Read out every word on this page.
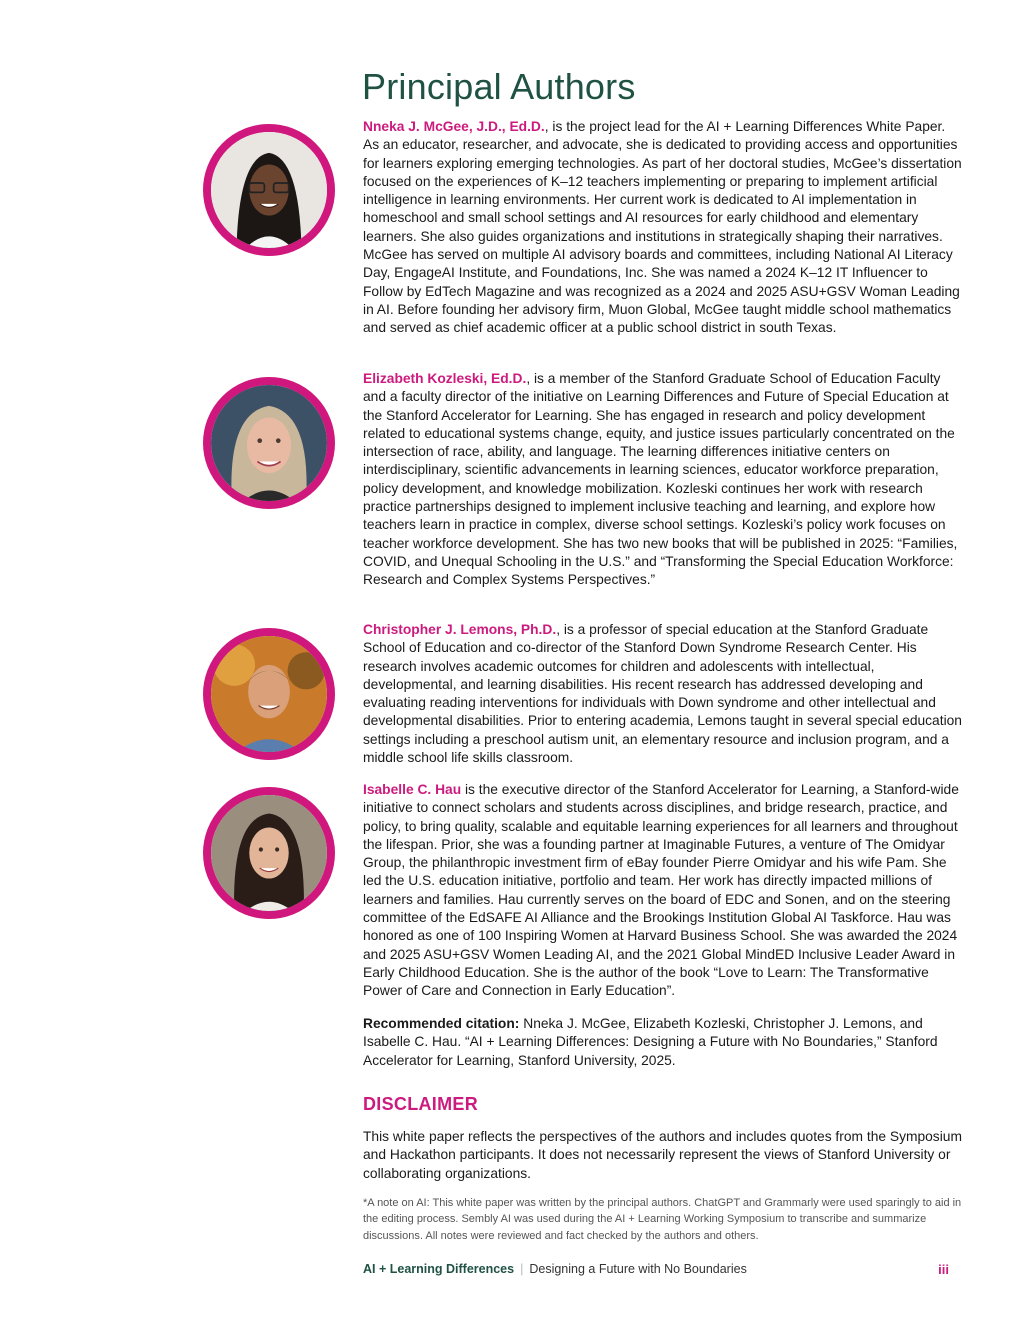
Principal Authors

Nneka J. McGee, J.D., Ed.D., is the project lead for the AI + Learning Differences White Paper. As an educator, researcher, and advocate, she is dedicated to providing access and opportunities for learners exploring emerging technologies. As part of her doctoral studies, McGee’s dissertation focused on the experiences of K–12 teachers implementing or preparing to implement artificial intelligence in learning environments. Her current work is dedicated to AI implementation in homeschool and small school settings and AI resources for early childhood and elementary learners. She also guides organizations and institutions in strategically shaping their narratives. McGee has served on multiple AI advisory boards and committees, including National AI Literacy Day, EngageAI Institute, and Foundations, Inc. She was named a 2024 K–12 IT Influencer to Follow by EdTech Magazine and was recognized as a 2024 and 2025 ASU+GSV Woman Leading in AI. Before founding her advisory firm, Muon Global, McGee taught middle school mathematics and served as chief academic officer at a public school district in south Texas.

Elizabeth Kozleski, Ed.D., is a member of the Stanford Graduate School of Education Faculty and a faculty director of the initiative on Learning Differences and Future of Special Education at the Stanford Accelerator for Learning. She has engaged in research and policy development related to educational systems change, equity, and justice issues particularly concentrated on the intersection of race, ability, and language. The learning differences initiative centers on interdisciplinary, scientific advancements in learning sciences, educator workforce preparation, policy development, and knowledge mobilization. Kozleski continues her work with research practice partnerships designed to implement inclusive teaching and learning, and explore how teachers learn in practice in complex, diverse school settings. Kozleski’s policy work focuses on teacher workforce development. She has two new books that will be published in 2025: “Families, COVID, and Unequal Schooling in the U.S.” and “Transforming the Special Education Workforce: Research and Complex Systems Perspectives.”

Christopher J. Lemons, Ph.D., is a professor of special education at the Stanford Graduate School of Education and co-director of the Stanford Down Syndrome Research Center. His research involves academic outcomes for children and adolescents with intellectual, developmental, and learning disabilities. His recent research has addressed developing and evaluating reading interventions for individuals with Down syndrome and other intellectual and developmental disabilities. Prior to entering academia, Lemons taught in several special education settings including a preschool autism unit, an elementary resource and inclusion program, and a middle school life skills classroom.

Isabelle C. Hau is the executive director of the Stanford Accelerator for Learning, a Stanford-wide initiative to connect scholars and students across disciplines, and bridge research, practice, and policy, to bring quality, scalable and equitable learning experiences for all learners and throughout the lifespan. Prior, she was a founding partner at Imaginable Futures, a venture of The Omidyar Group, the philanthropic investment firm of eBay founder Pierre Omidyar and his wife Pam. She led the U.S. education initiative, portfolio and team. Her work has directly impacted millions of learners and families. Hau currently serves on the board of EDC and Sonen, and on the steering committee of the EdSAFE AI Alliance and the Brookings Institution Global AI Taskforce. Hau was honored as one of 100 Inspiring Women at Harvard Business School. She was awarded the 2024 and 2025 ASU+GSV Women Leading AI, and the 2021 Global MindED Inclusive Leader Award in Early Childhood Education. She is the author of the book “Love to Learn: The Transformative Power of Care and Connection in Early Education”.

Recommended citation: Nneka J. McGee, Elizabeth Kozleski, Christopher J. Lemons, and Isabelle C. Hau. “AI + Learning Differences: Designing a Future with No Boundaries,” Stanford Accelerator for Learning, Stanford University, 2025.

DISCLAIMER

This white paper reflects the perspectives of the authors and includes quotes from the Symposium and Hackathon participants. It does not necessarily represent the views of Stanford University or collaborating organizations.

*A note on AI: This white paper was written by the principal authors. ChatGPT and Grammarly were used sparingly to aid in the editing process. Sembly AI was used during the AI + Learning Working Symposium to transcribe and summarize discussions. All notes were reviewed and fact checked by the authors and others.

AI + Learning Differences | Designing a Future with No Boundaries	iii
